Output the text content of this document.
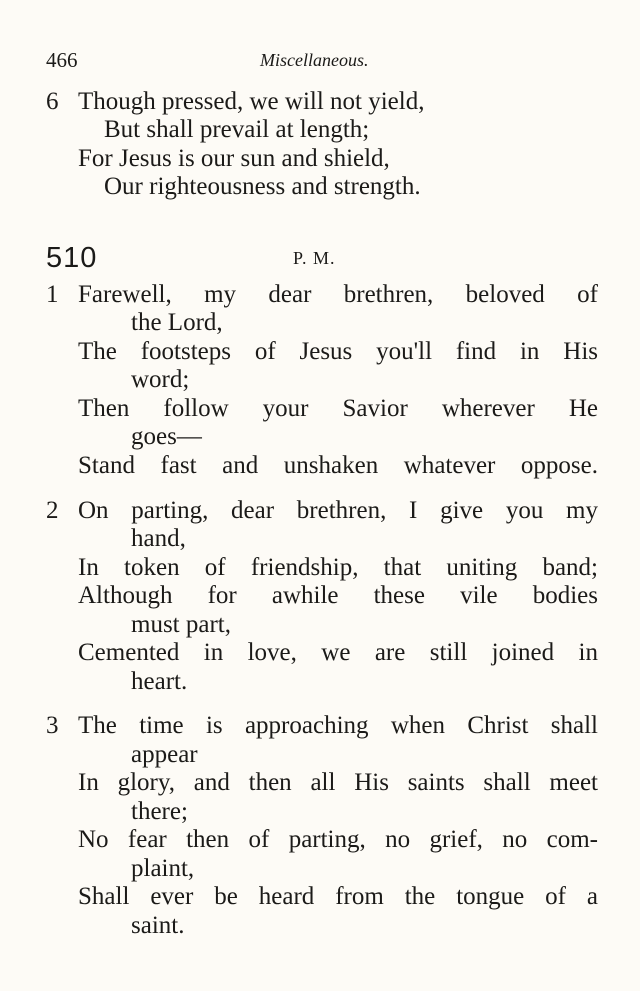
466	Miscellaneous.
6 Though pressed, we will not yield,
But shall prevail at length;
For Jesus is our sun and shield,
Our righteousness and strength.
510	P. M.
1 Farewell, my dear brethren, beloved of
the Lord,
The footsteps of Jesus you'll find in His
word;
Then follow your Savior wherever He
goes—
Stand fast and unshaken whatever oppose.
2 On parting, dear brethren, I give you my
hand,
In token of friendship, that uniting band;
Although for awhile these vile bodies
must part,
Cemented in love, we are still joined in
heart.
3 The time is approaching when Christ shall
appear
In glory, and then all His saints shall meet
there;
No fear then of parting, no grief, no com-
plaint,
Shall ever be heard from the tongue of a
saint.
